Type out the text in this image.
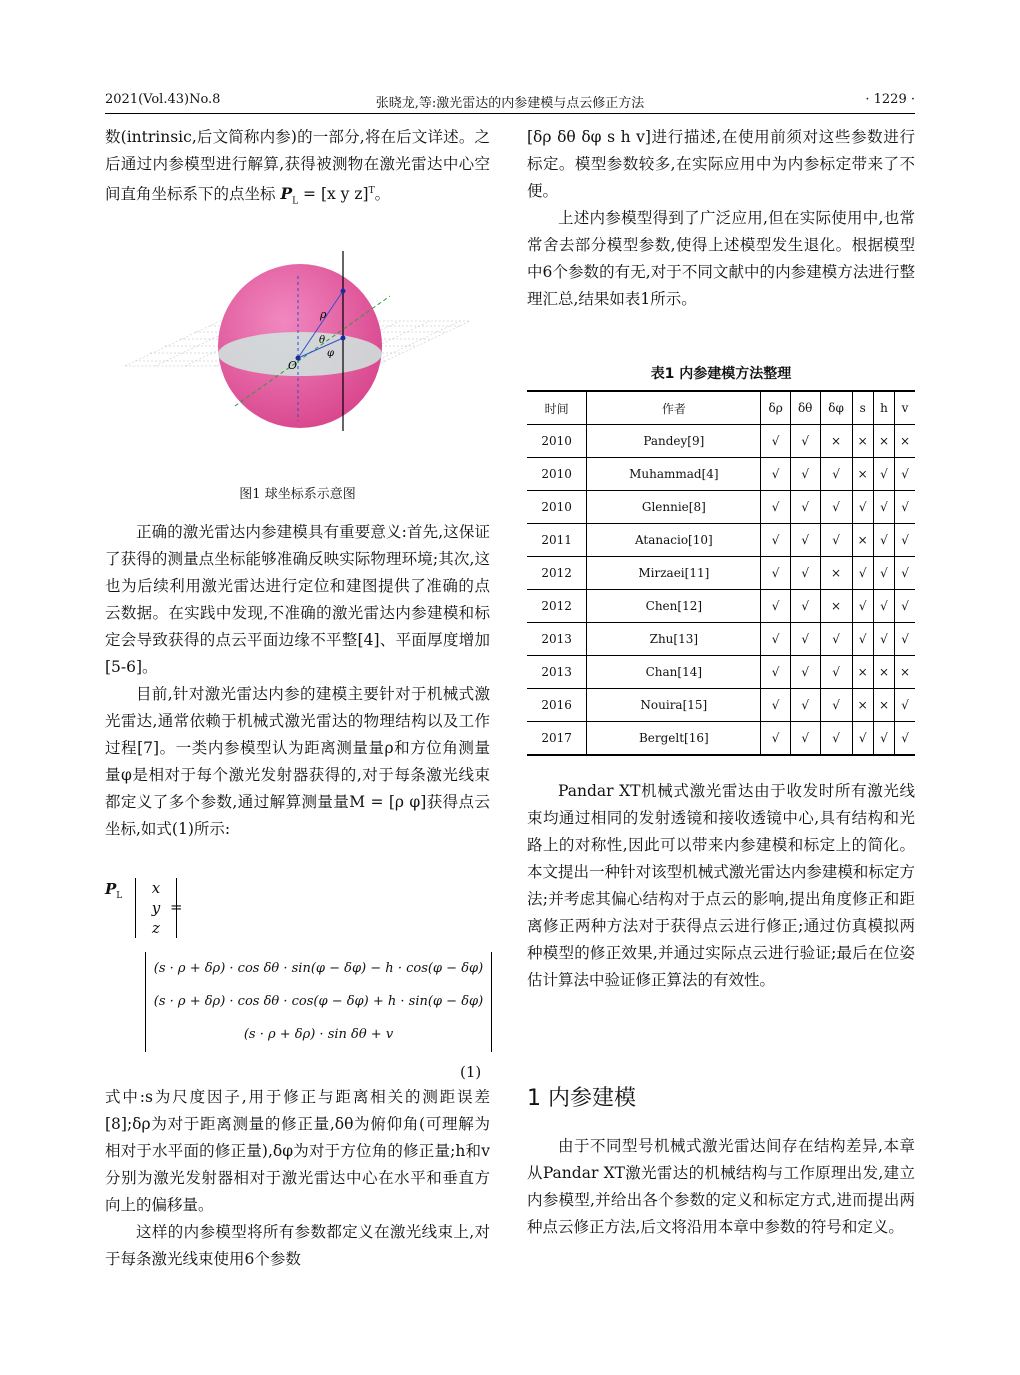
2021(Vol.43)No.8	张晓龙,等:激光雷达的内参建模与点云修正方法	· 1229 ·

数(intrinsic,后文简称内参)的一部分,将在后文详述。之后通过内参模型进行解算,获得被测物在激光雷达中心空间直角坐标系下的点坐标 $P_L = [x$ y z]$^T$。

ρ
θ
φ
O
图1 球坐标系示意图

正确的激光雷达内参建模具有重要意义:首先,这保证了获得的测量点坐标能够准确反映实际物理环境;其次,这也为后续利用激光雷达进行定位和建图提供了准确的点云数据。在实践中发现,不准确的激光雷达内参建模和标定会导致获得的点云平面边缘不平整[4]、平面厚度增加[5-6]。

目前,针对激光雷达内参的建模主要针对于机械式激光雷达,通常依赖于机械式激光雷达的物理结构以及工作过程[7]。一类内参模型认为距离测量量ρ和方位角测量量φ是相对于每个激光发射器获得的,对于每条激光线束都定义了多个参数,通过解算测量量M = [ρ φ]获得点云坐标,如式(1)所示:

$P_L$	x
y
z
=
(s · ρ + δρ) · cos δθ · sin(φ − δφ) − h · cos(φ − δφ)
(s · ρ + δρ) · cos δθ · cos(φ − δφ) + h · sin(φ − δφ)
(s · ρ + δρ) · sin δθ + v
(1)

式中:s为尺度因子,用于修正与距离相关的测距误差[8];δρ为对于距离测量的修正量,δθ为俯仰角(可理解为相对于水平面的修正量),δφ为对于方位角的修正量;h和v分别为激光发射器相对于激光雷达中心在水平和垂直方向上的偏移量。

这样的内参模型将所有参数都定义在激光线束上,对于每条激光线束使用6个参数

[δρ δθ δφ s h v]进行描述,在使用前须对这些参数进行标定。模型参数较多,在实际应用中为内参标定带来了不便。

上述内参模型得到了广泛应用,但在实际使用中,也常常舍去部分模型参数,使得上述模型发生退化。根据模型中6个参数的有无,对于不同文献中的内参建模方法进行整理汇总,结果如表1所示。

表1 内参建模方法整理
时间	作者	δρ	δθ	δφ	s	h	v
2010	Pandey[9]	√	√	×	×	×	×
2010	Muhammad[4]	√	√	√	×	√	√
2010	Glennie[8]	√	√	√	√	√	√
2011	Atanacio[10]	√	√	√	×	√	√
2012	Mirzaei[11]	√	√	×	√	√	√
2012	Chen[12]	√	√	×	√	√	√
2013	Zhu[13]	√	√	√	√	√	√
2013	Chan[14]	√	√	√	×	×	×
2016	Nouira[15]	√	√	√	×	×	√
2017	Bergelt[16]	√	√	√	√	√	√

Pandar XT机械式激光雷达由于收发时所有激光线束均通过相同的发射透镜和接收透镜中心,具有结构和光路上的对称性,因此可以带来内参建模和标定上的简化。本文提出一种针对该型机械式激光雷达内参建模和标定方法;并考虑其偏心结构对于点云的影响,提出角度修正和距离修正两种方法对于获得点云进行修正;通过仿真模拟两种模型的修正效果,并通过实际点云进行验证;最后在位姿估计算法中验证修正算法的有效性。

1 内参建模

由于不同型号机械式激光雷达间存在结构差异,本章从Pandar XT激光雷达的机械结构与工作原理出发,建立内参模型,并给出各个参数的定义和标定方式,进而提出两种点云修正方法,后文将沿用本章中参数的符号和定义。
